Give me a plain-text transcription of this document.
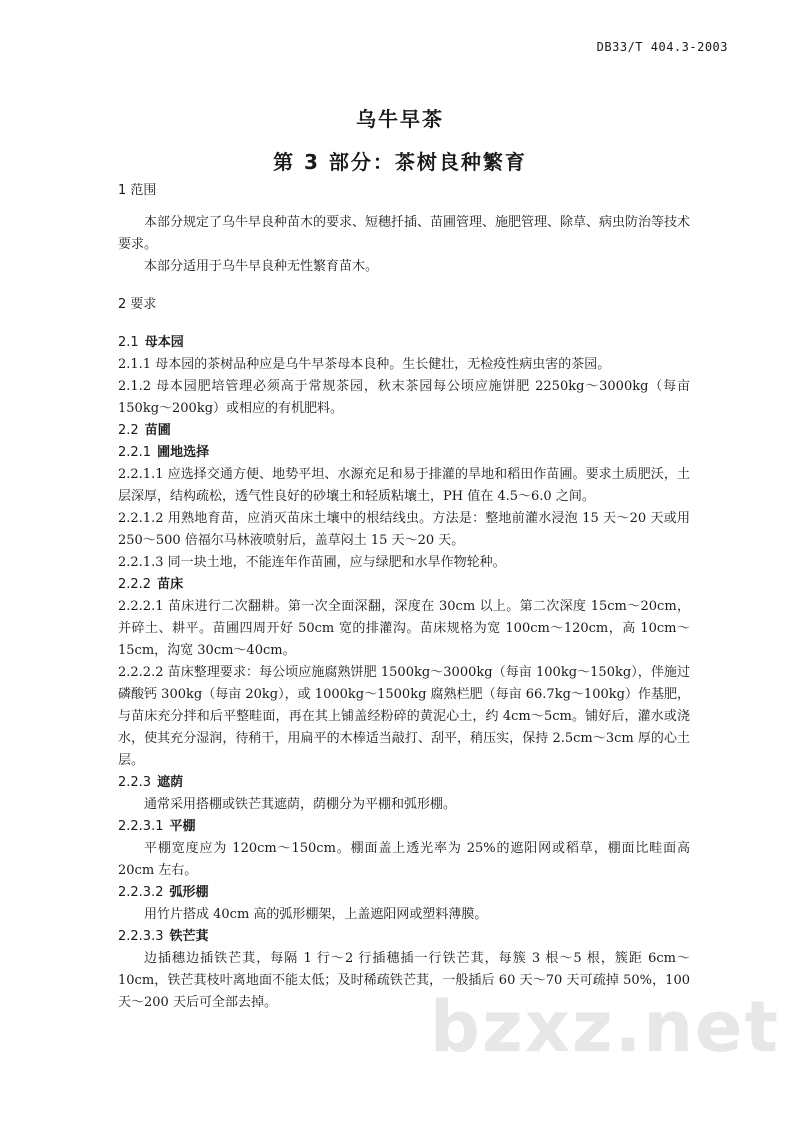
DB33/T 404.3-2003
乌牛早茶
第 3 部分：茶树良种繁育
1 范围

本部分规定了乌牛早良种苗木的要求、短穗扦插、苗圃管理、施肥管理、除草、病虫防治等技术要求。

本部分适用于乌牛早良种无性繁育苗木。

2 要求
2.1 母本园

2.1.1 母本园的茶树品种应是乌牛早茶母本良种。生长健壮，无检疫性病虫害的茶园。

2.1.2 母本园肥培管理必须高于常规茶园，秋末茶园每公顷应施饼肥 2250kg～3000kg（每亩150kg～200kg）或相应的有机肥料。

2.2 苗圃
2.2.1 圃地选择

2.2.1.1 应选择交通方便、地势平坦、水源充足和易于排灌的旱地和稻田作苗圃。要求土质肥沃，土层深厚，结构疏松，透气性良好的砂壤土和轻质粘壤土，PH 值在 4.5～6.0 之间。

2.2.1.2 用熟地育苗，应消灭苗床土壤中的根结线虫。方法是：整地前灌水浸泡 15 天～20 天或用 250～500 倍福尔马林液喷射后，盖草闷土 15 天～20 天。

2.2.1.3 同一块土地，不能连年作苗圃，应与绿肥和水旱作物轮种。

2.2.2 苗床

2.2.2.1 苗床进行二次翻耕。第一次全面深翻，深度在 30cm 以上。第二次深度 15cm～20cm，并碎土、耕平。苗圃四周开好 50cm 宽的排灌沟。苗床规格为宽 100cm～120cm，高 10cm～15cm，沟宽 30cm～40cm。

2.2.2.2 苗床整理要求：每公顷应施腐熟饼肥 1500kg～3000kg（每亩 100kg～150kg），伴施过磷酸钙 300kg（每亩 20kg），或 1000kg～1500kg 腐熟栏肥（每亩 66.7kg～100kg）作基肥，与苗床充分拌和后平整畦面，再在其上铺盖经粉碎的黄泥心土，约 4cm～5cm。铺好后，灌水或浇水，使其充分湿润，待稍干，用扁平的木棒适当敲打、刮平，稍压实，保持 2.5cm～3cm 厚的心土层。

2.2.3 遮荫

通常采用搭棚或铁芒萁遮荫，荫棚分为平棚和弧形棚。

2.2.3.1 平棚

平棚宽度应为 120cm～150cm。棚面盖上透光率为 25%的遮阳网或稻草，棚面比畦面高 20cm 左右。

2.2.3.2 弧形棚

用竹片搭成 40cm 高的弧形棚架，上盖遮阳网或塑料薄膜。

2.2.3.3 铁芒萁

边插穗边插铁芒萁，每隔 1 行～2 行插穗插一行铁芒萁，每簇 3 根～5 根，簇距 6cm～10cm，铁芒萁枝叶离地面不能太低；及时稀疏铁芒萁，一般插后 60 天～70 天可疏掉 50%，100 天～200 天后可全部去掉。	bzxz.net
